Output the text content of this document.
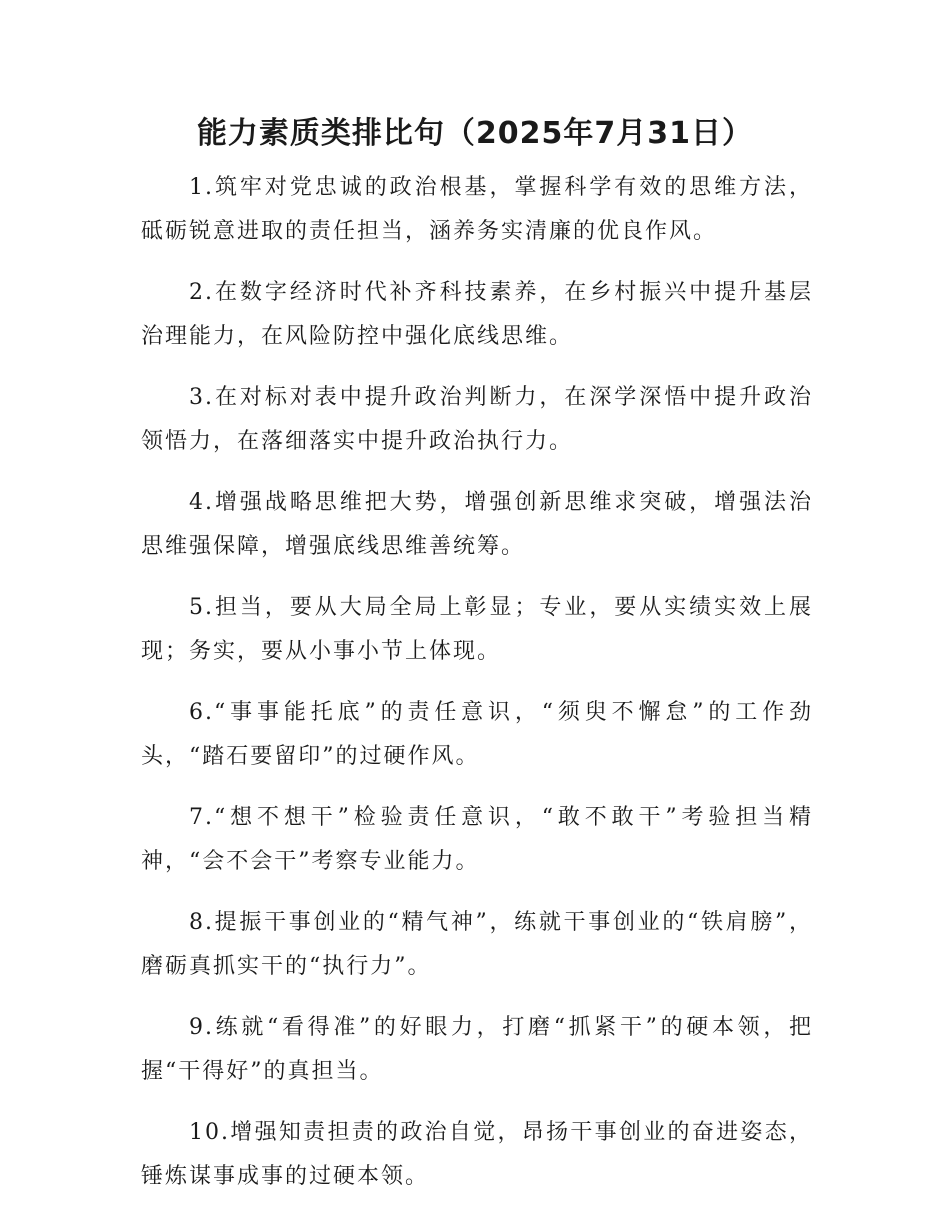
能力素质类排比句（2025年7月31日）

1.筑牢对党忠诚的政治根基，掌握科学有效的思维方法，砥砺锐意进取的责任担当，涵养务实清廉的优良作风。

2.在数字经济时代补齐科技素养，在乡村振兴中提升基层治理能力，在风险防控中强化底线思维。

3.在对标对表中提升政治判断力，在深学深悟中提升政治领悟力，在落细落实中提升政治执行力。

4.增强战略思维把大势，增强创新思维求突破，增强法治思维强保障，增强底线思维善统筹。

5.担当，要从大局全局上彰显；专业，要从实绩实效上展现；务实，要从小事小节上体现。

6.“事事能托底”的责任意识，“须臾不懈怠”的工作劲头，“踏石要留印”的过硬作风。

7.“想不想干”检验责任意识，“敢不敢干”考验担当精神，“会不会干”考察专业能力。

8.提振干事创业的“精气神”，练就干事创业的“铁肩膀”，磨砺真抓实干的“执行力”。

9.练就“看得准”的好眼力，打磨“抓紧干”的硬本领，把握“干得好”的真担当。

10.增强知责担责的政治自觉，昂扬干事创业的奋进姿态，锤炼谋事成事的过硬本领。
